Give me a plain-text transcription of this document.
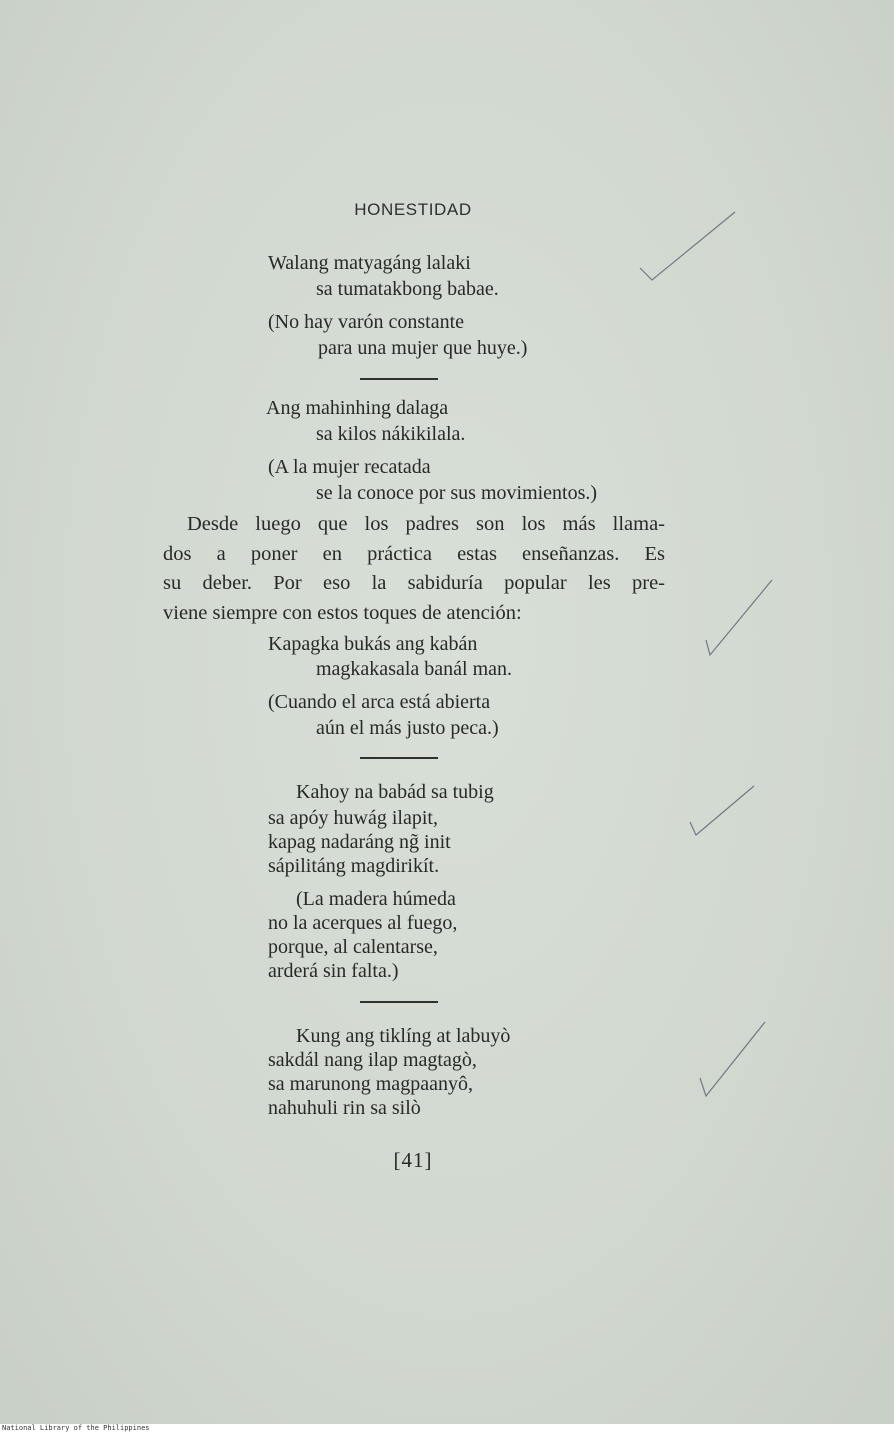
HONESTIDAD
Walang matyagáng lalaki
sa tumatakbong babae.
(No hay varón constante
para una mujer que huye.)
Ang mahinhing dalaga
sa kilos nákikilala.
(A la mujer recatada
se la conoce por sus movimientos.)
Desde luego que los padres son los más llama-
dos a poner en práctica estas enseñanzas. Es
su deber. Por eso la sabiduría popular les pre-
viene siempre con estos toques de atención:
Kapagka bukás ang kabán
magkakasala banál man.
(Cuando el arca está abierta
aún el más justo peca.)
Kahoy na babád sa tubig
sa apóy huwág ilapit,
kapag nadaráng ng̃ init
sápilitáng magdirikít.
(La madera húmeda
no la acerques al fuego,
porque, al calentarse,
arderá sin falta.)
Kung ang tiklíng at labuyò
sakdál nang ilap magtagò,
sa marunong magpaanyô,
nahuhuli rin sa silò
[41]
National Library of the Philippines
